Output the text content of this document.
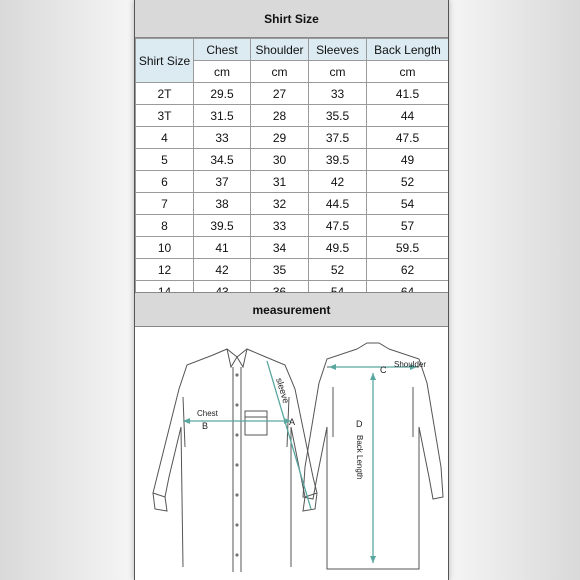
Shirt Size
Shirt Size	Chest	Shoulder	Sleeves	Back Length
	cm	cm	cm	cm
2T	29.5	27	33	41.5
3T	31.5	28	35.5	44
4	33	29	37.5	47.5
5	34.5	30	39.5	49
6	37	31	42	52
7	38	32	44.5	54
8	39.5	33	47.5	57
10	41	34	49.5	59.5
12	42	35	52	62

measurement
Chest
B
sleeve
A
Shoulder
C
D
Back Length
